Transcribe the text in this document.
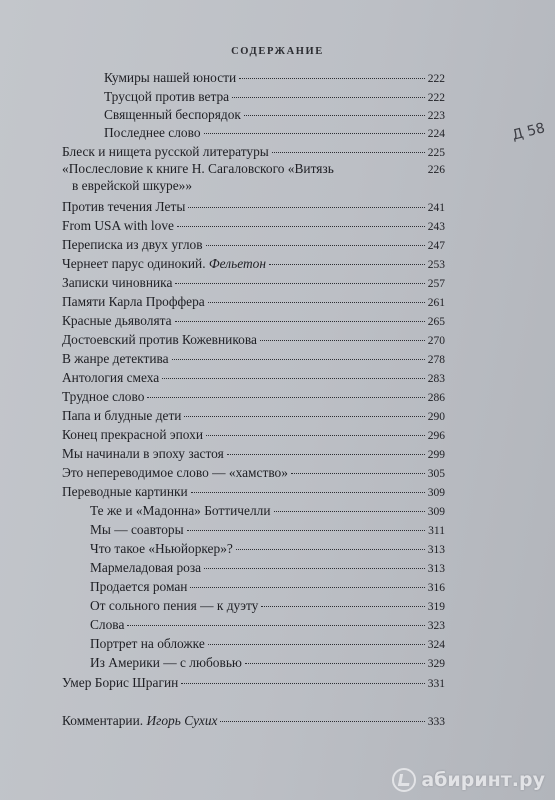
СОДЕРЖАНИЕ
Кумиры нашей юности	222
Трусцой против ветра	222
Священный беспорядок	223
Последнее слово	224
Блеск и нищета русской литературы	225
«Послесловие к книге Н. Сагаловского «Витязь	226
в еврейской шкуре»»
Против течения Леты	241
From USA with love	243
Переписка из двух углов	247
Чернеет парус одинокий. Фельетон	253
Записки чиновника	257
Памяти Карла Проффера	261
Красные дьяволята	265
Достоевский против Кожевникова	270
В жанре детектива	278
Антология смеха	283
Трудное слово	286
Папа и блудные дети	290
Конец прекрасной эпохи	296
Мы начинали в эпоху застоя	299
Это непереводимое слово — «хамство»	305
Переводные картинки	309
Те же и «Мадонна» Боттичелли	309
Мы — соавторы	311
Что такое «Ньюйоркер»?	313
Мармеладовая роза	313
Продается роман	316
От сольного пения — к дуэту	319
Слова	323
Портрет на обложке	324
Из Америки — с любовью	329
Умер Борис Шрагин	331
Комментарии. Игорь Сухих	333
Д 58
абиринт.ру
